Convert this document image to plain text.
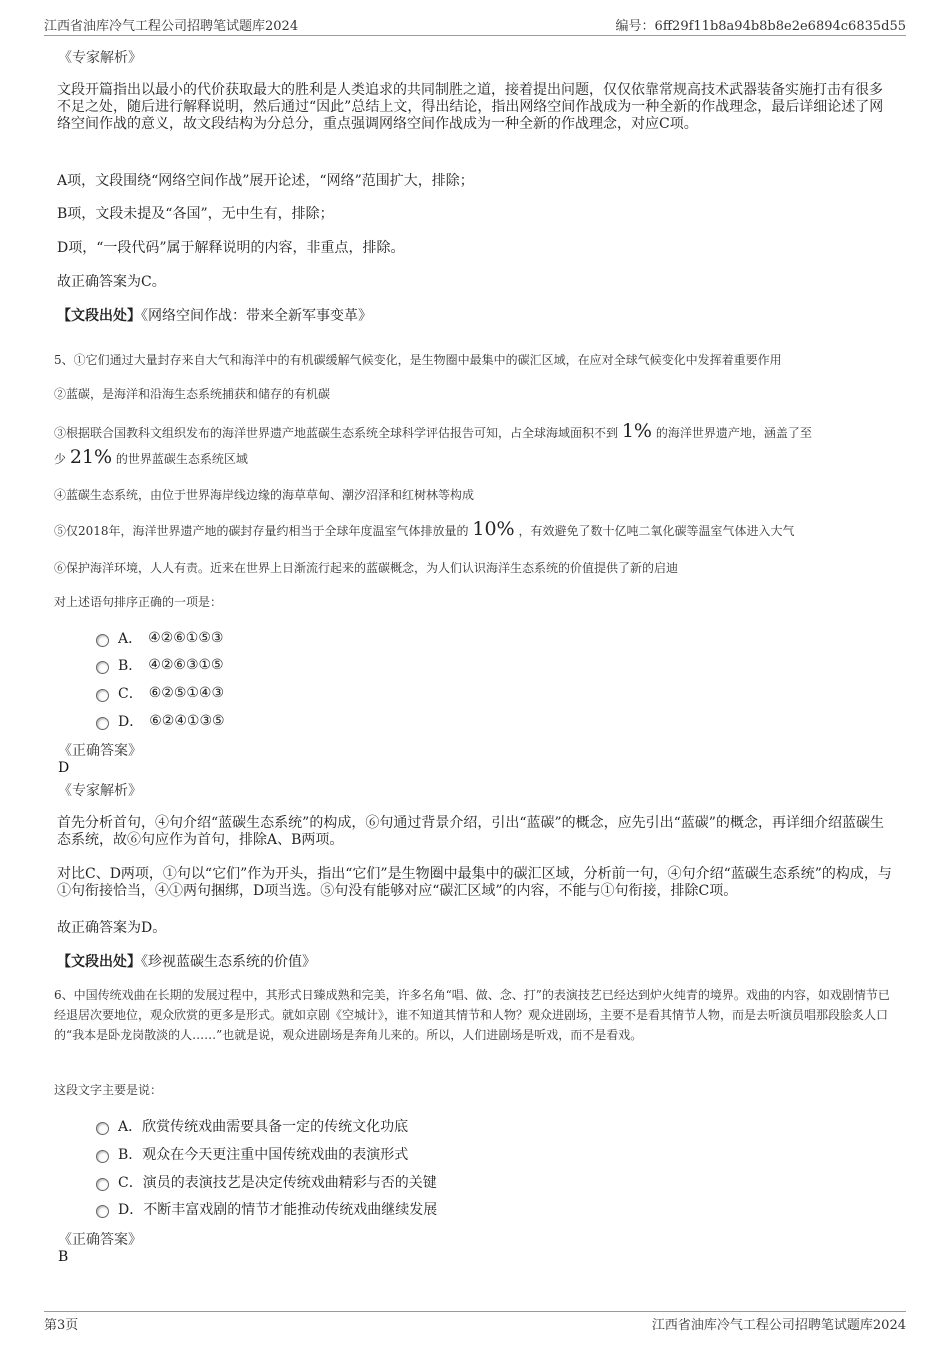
江西省油库冷气工程公司招聘笔试题库2024	编号：6ff29f11b8a94b8b8e2e6894c6835d55
《专家解析》
文段开篇指出以最小的代价获取最大的胜利是人类追求的共同制胜之道，接着提出问题，仅仅依靠常规高技术武器装备实施打击有很多不足之处，随后进行解释说明，然后通过“因此”总结上文，得出结论，指出网络空间作战成为一种全新的作战理念，最后详细论述了网络空间作战的意义，故文段结构为分总分，重点强调网络空间作战成为一种全新的作战理念，对应C项。
A项，文段围绕“网络空间作战”展开论述，“网络”范围扩大，排除；
B项，文段未提及“各国”，无中生有，排除；
D项，“一段代码”属于解释说明的内容，非重点，排除。
故正确答案为C。
【文段出处】《网络空间作战：带来全新军事变革》
5、①它们通过大量封存来自大气和海洋中的有机碳缓解气候变化，是生物圈中最集中的碳汇区域，在应对全球气候变化中发挥着重要作用
②蓝碳，是海洋和沿海生态系统捕获和储存的有机碳
③根据联合国教科文组织发布的海洋世界遗产地蓝碳生态系统全球科学评估报告可知，占全球海域面积不到 1% 的海洋世界遗产地，涵盖了至
少 21% 的世界蓝碳生态系统区域
④蓝碳生态系统，由位于世界海岸线边缘的海草草甸、潮汐沼泽和红树林等构成
⑤仅2018年，海洋世界遗产地的碳封存量约相当于全球年度温室气体排放量的 10% ，有效避免了数十亿吨二氧化碳等温室气体进入大气
⑥保护海洋环境，人人有责。近来在世界上日渐流行起来的蓝碳概念，为人们认识海洋生态系统的价值提供了新的启迪
对上述语句排序正确的一项是：
A． ④②⑥①⑤③
B． ④②⑥③①⑤
C． ⑥②⑤①④③
D． ⑥②④①③⑤
《正确答案》
D
《专家解析》
首先分析首句，④句介绍“蓝碳生态系统”的构成，⑥句通过背景介绍，引出“蓝碳”的概念，应先引出“蓝碳”的概念，再详细介绍蓝碳生态系统，故⑥句应作为首句，排除A、B两项。
对比C、D两项，①句以“它们”作为开头，指出“它们”是生物圈中最集中的碳汇区域，分析前一句，④句介绍“蓝碳生态系统”的构成，与①句衔接恰当，④①两句捆绑，D项当选。⑤句没有能够对应“碳汇区域”的内容，不能与①句衔接，排除C项。
故正确答案为D。
【文段出处】《珍视蓝碳生态系统的价值》
6、中国传统戏曲在长期的发展过程中，其形式日臻成熟和完美，许多名角“唱、做、念、打”的表演技艺已经达到炉火纯青的境界。戏曲的内容，如戏剧情节已经退居次要地位，观众欣赏的更多是形式。就如京剧《空城计》，谁不知道其情节和人物？观众进剧场，主要不是看其情节人物，而是去听演员唱那段脍炙人口的“我本是卧龙岗散淡的人……”也就是说，观众进剧场是奔角儿来的。所以，人们进剧场是听戏，而不是看戏。
这段文字主要是说：
A． 欣赏传统戏曲需要具备一定的传统文化功底
B． 观众在今天更注重中国传统戏曲的表演形式
C． 演员的表演技艺是决定传统戏曲精彩与否的关键
D． 不断丰富戏剧的情节才能推动传统戏曲继续发展
《正确答案》
B
第3页	江西省油库冷气工程公司招聘笔试题库2024
